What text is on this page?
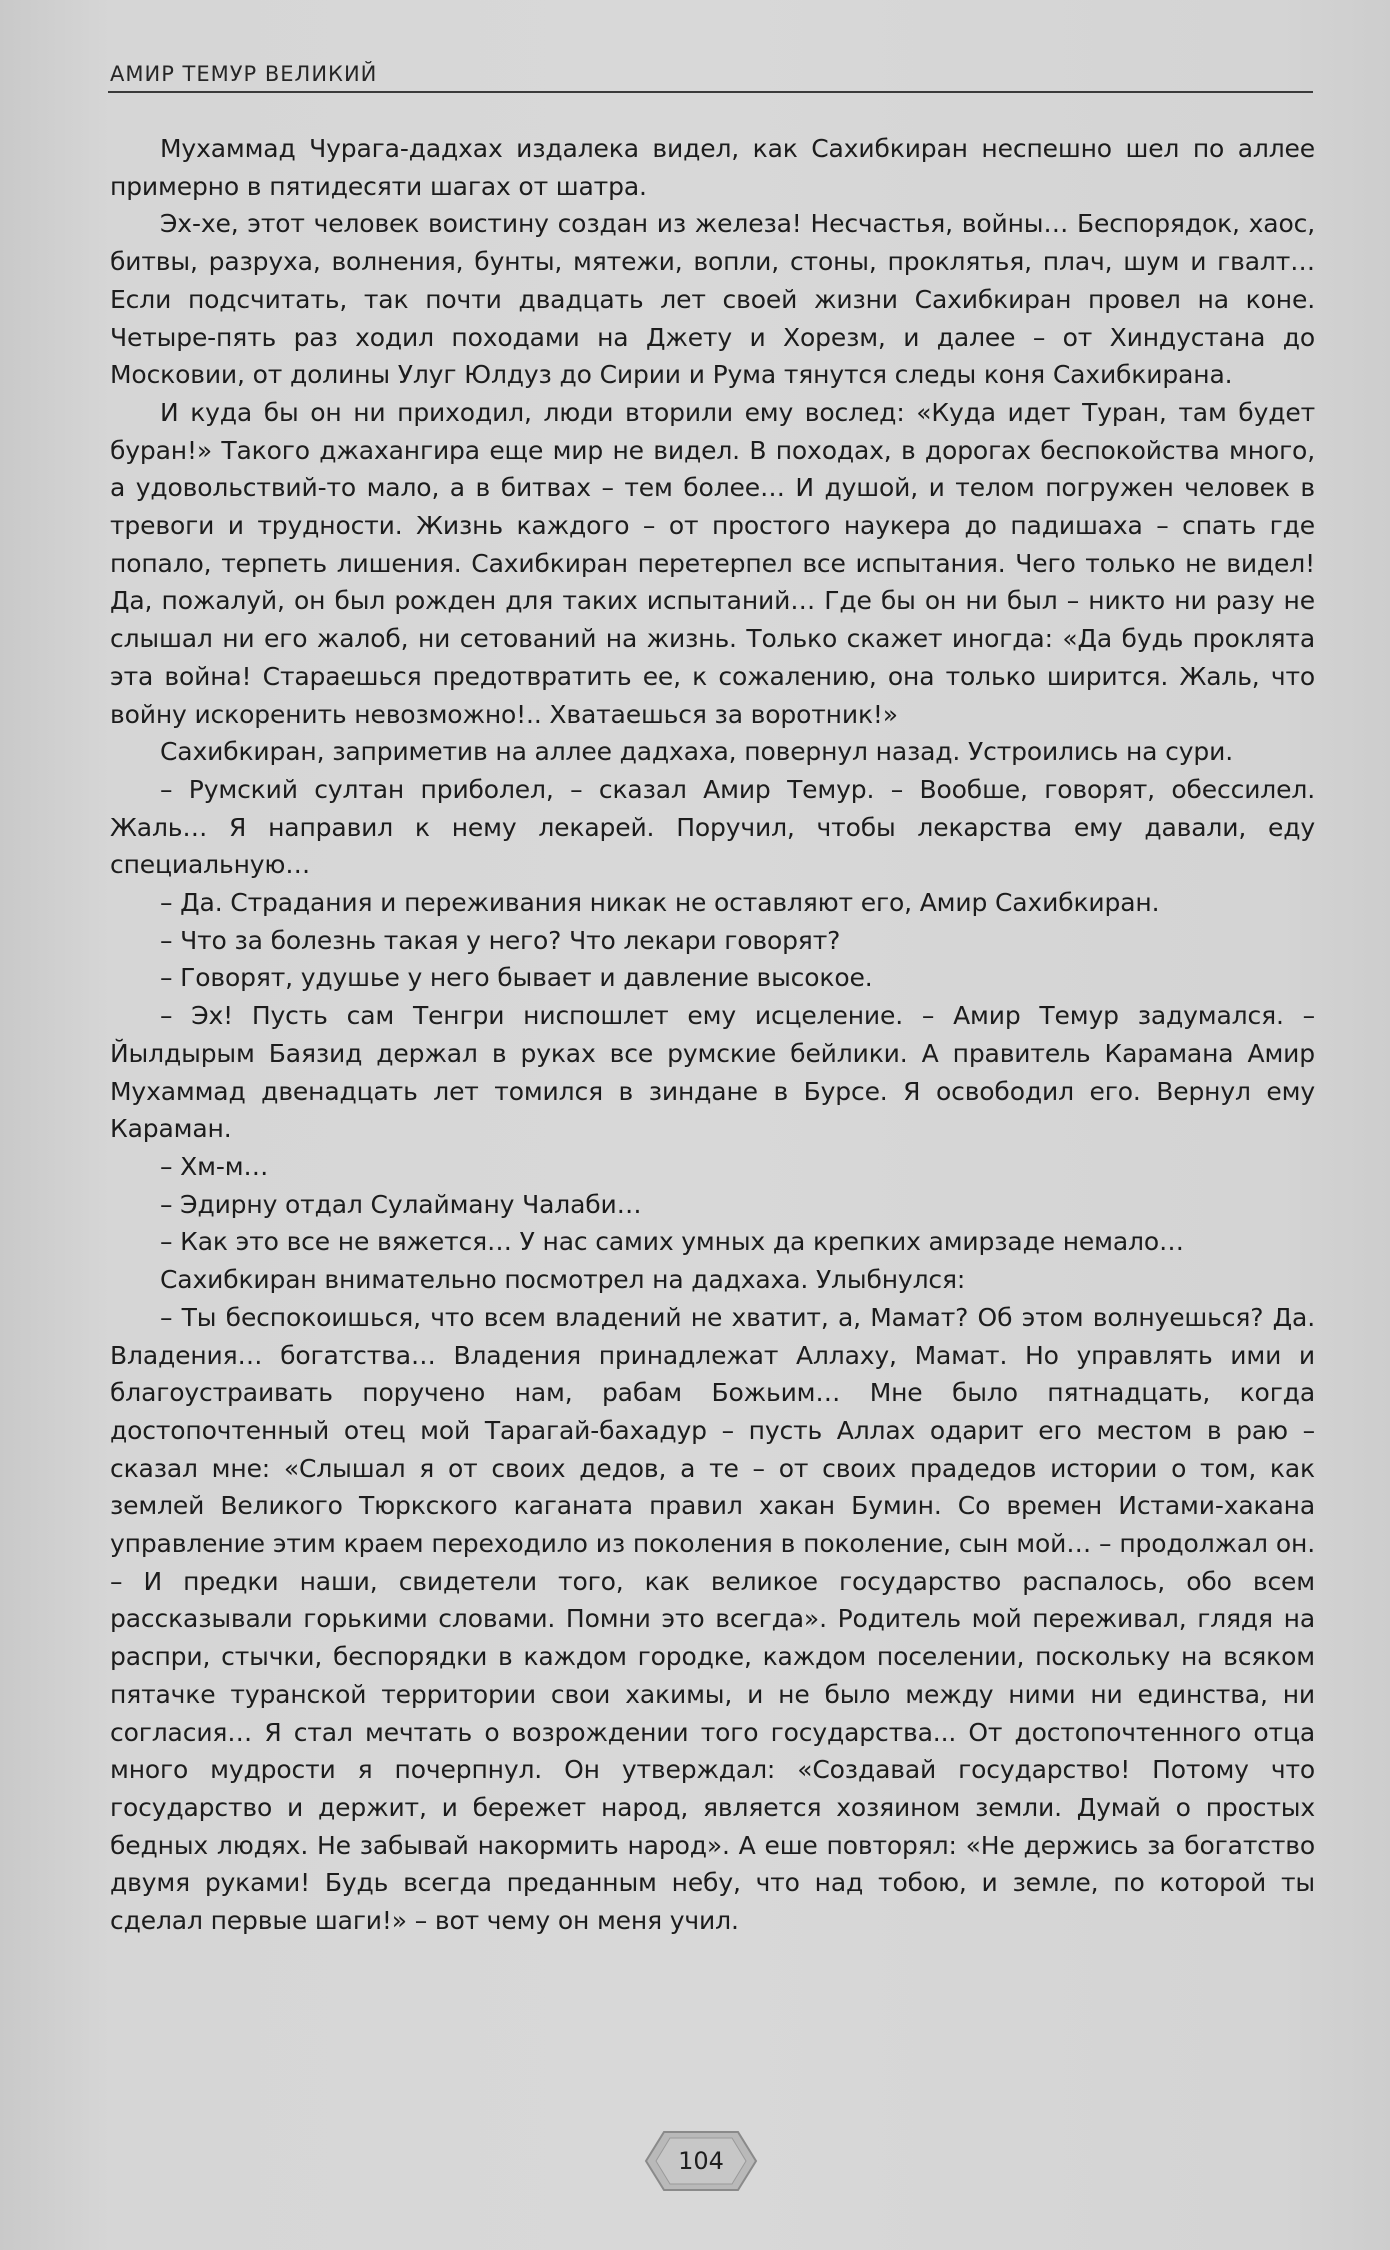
АМИР ТЕМУР ВЕЛИКИЙ

Мухаммад Чурага-дадхах издалека видел, как Сахибкиран неспешно шел по аллее примерно в пятидесяти шагах от шатра.

Эх-хе, этот человек воистину создан из железа! Несчастья, войны… Беспорядок, хаос, битвы, разруха, волнения, бунты, мятежи, вопли, стоны, проклятья, плач, шум и гвалт… Если подсчитать, так почти двадцать лет своей жизни Сахибкиран провел на коне. Четыре-пять раз ходил походами на Джету и Хорезм, и далее – от Хиндустана до Московии, от долины Улуг Юлдуз до Сирии и Рума тянутся следы коня Сахибкирана.

И куда бы он ни приходил, люди вторили ему вослед: «Куда идет Туран, там будет буран!» Такого джахангира еще мир не видел. В походах, в дорогах беспокойства много, а удовольствий-то мало, а в битвах – тем более… И душой, и телом погружен человек в тревоги и трудности. Жизнь каждого – от простого наукера до падишаха – спать где попало, терпеть лишения. Сахибкиран перетерпел все испытания. Чего только не видел! Да, пожалуй, он был рожден для таких испытаний… Где бы он ни был – никто ни разу не слышал ни его жалоб, ни сетований на жизнь. Только скажет иногда: «Да будь проклята эта война! Стараешься предотвратить ее, к сожалению, она только ширится. Жаль, что войну искоренить невозможно!.. Хватаешься за воротник!»

Сахибкиран, заприметив на аллее дадхаха, повернул назад. Устроились на сури.

– Румский султан приболел, – сказал Амир Темур. – Вообше, говорят, обессилел. Жаль… Я направил к нему лекарей. Поручил, чтобы лекарства ему давали, еду специальную…

– Да. Страдания и переживания никак не оставляют его, Амир Сахибкиран.

– Что за болезнь такая у него? Что лекари говорят?

– Говорят, удушье у него бывает и давление высокое.

– Эх! Пусть сам Тенгри ниспошлет ему исцеление. – Амир Темур задумался. – Йылдырым Баязид держал в руках все румские бейлики. А правитель Карамана Амир Мухаммад двенадцать лет томился в зиндане в Бурсе. Я освободил его. Вернул ему Караман.

– Хм-м…

– Эдирну отдал Сулайману Чалаби…

– Как это все не вяжется… У нас самих умных да крепких амирзаде немало…

Сахибкиран внимательно посмотрел на дадхаха. Улыбнулся:

– Ты беспокоишься, что всем владений не хватит, а, Мамат? Об этом волнуешься? Да. Владения… богатства… Владения принадлежат Аллаху, Мамат. Но управлять ими и благоустраивать поручено нам, рабам Божьим… Мне было пятнадцать, когда достопочтенный отец мой Тарагай-бахадур – пусть Аллах одарит его местом в раю – сказал мне: «Слышал я от своих дедов, а те – от своих прадедов истории о том, как землей Великого Тюркского каганата правил хакан Бумин. Со времен Истами-хакана управление этим краем переходило из поколения в поколение, сын мой… – продолжал он. – И предки наши, свидетели того, как великое государство распалось, обо всем рассказывали горькими словами. Помни это всегда». Родитель мой переживал, глядя на распри, стычки, беспорядки в каждом городке, каждом поселении, поскольку на всяком пятачке туранской территории свои хакимы, и не было между ними ни единства, ни согласия… Я стал мечтать о возрождении того государства... От достопочтенного отца много мудрости я почерпнул. Он утверждал: «Создавай государство! Потому что государство и держит, и бережет народ, является хозяином земли. Думай о простых бедных людях. Не забывай накормить народ». А еше повторял: «Не держись за богатство двумя руками! Будь всегда преданным небу, что над тобою, и земле, по которой ты сделал первые шаги!» – вот чему он меня учил.

104
